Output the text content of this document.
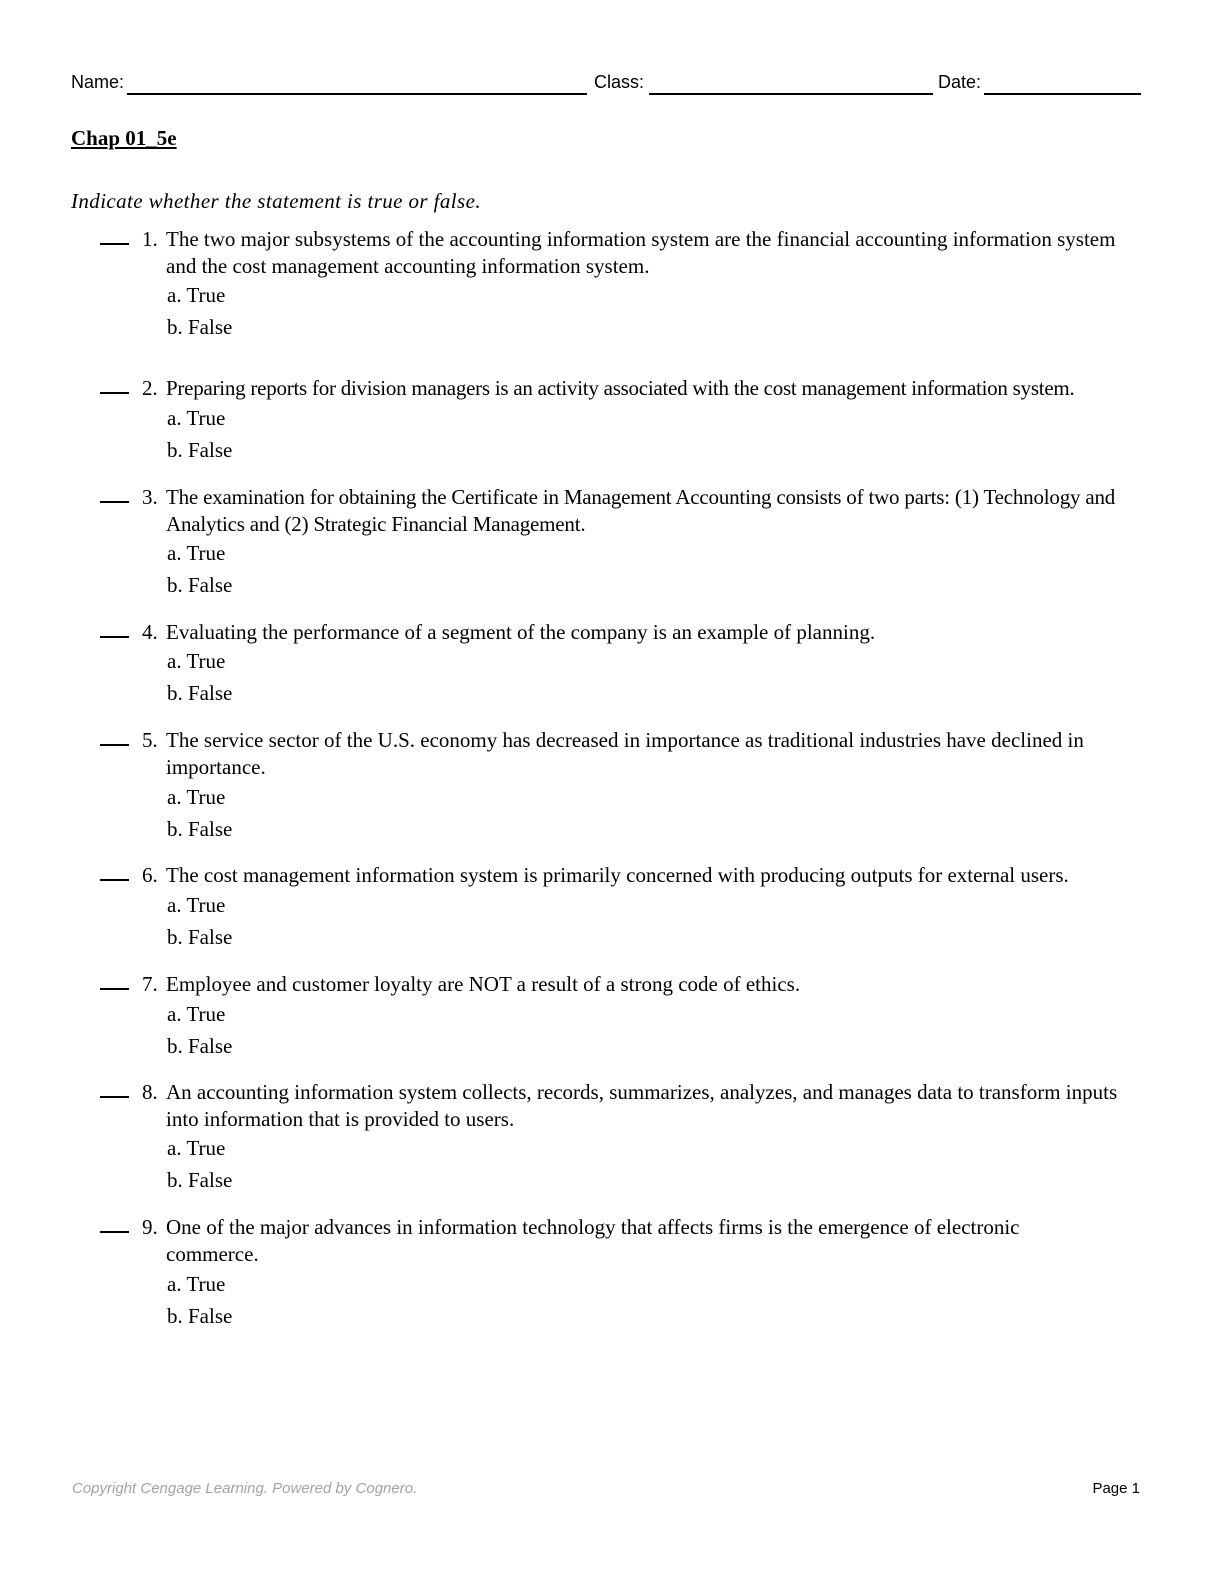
Name:	Class:	Date:
Chap 01_5e
Indicate whether the statement is true or false.
1. The two major subsystems of the accounting information system are the financial accounting information system and the cost management accounting information system.
a. True
b. False
2. Preparing reports for division managers is an activity associated with the cost management information system.
a. True
b. False
3. The examination for obtaining the Certificate in Management Accounting consists of two parts: (1) Technology and Analytics and (2) Strategic Financial Management.
a. True
b. False
4. Evaluating the performance of a segment of the company is an example of planning.
a. True
b. False
5. The service sector of the U.S. economy has decreased in importance as traditional industries have declined in importance.
a. True
b. False
6. The cost management information system is primarily concerned with producing outputs for external users.
a. True
b. False
7. Employee and customer loyalty are NOT a result of a strong code of ethics.
a. True
b. False
8. An accounting information system collects, records, summarizes, analyzes, and manages data to transform inputs into information that is provided to users.
a. True
b. False
9. One of the major advances in information technology that affects firms is the emergence of electronic commerce.
a. True
b. False
Copyright Cengage Learning. Powered by Cognero.	Page 1
